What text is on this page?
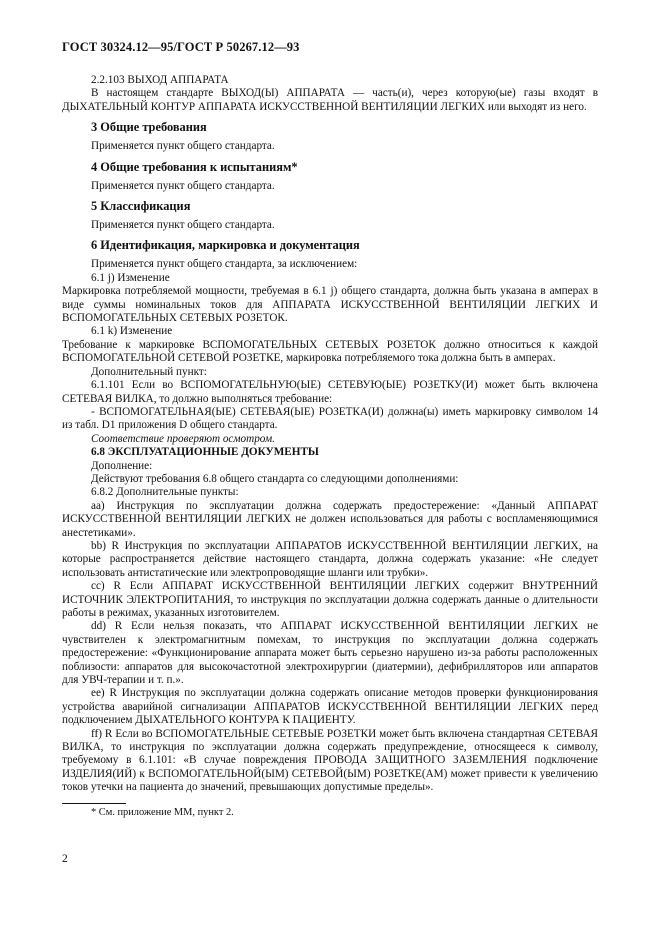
ГОСТ 30324.12—95/ГОСТ Р 50267.12—93

2.2.103 ВЫХОД АППАРАТА

В настоящем стандарте ВЫХОД(Ы) АППАРАТА — часть(и), через которую(ые) газы входят в ДЫХАТЕЛЬНЫЙ КОНТУР АППАРАТА ИСКУССТВЕННОЙ ВЕНТИЛЯЦИИ ЛЕГКИХ или выходят из него.

3 Общие требования

Применяется пункт общего стандарта.

4 Общие требования к испытаниям*

Применяется пункт общего стандарта.

5 Классификация

Применяется пункт общего стандарта.

6 Идентификация, маркировка и документация

Применяется пункт общего стандарта, за исключением:

6.1 j) Изменение

Маркировка потребляемой мощности, требуемая в 6.1 j) общего стандарта, должна быть указана в амперах в виде суммы номинальных токов для АППАРАТА ИСКУССТВЕННОЙ ВЕНТИЛЯЦИИ ЛЕГКИХ И ВСПОМОГАТЕЛЬНЫХ СЕТЕВЫХ РОЗЕТОК.

6.1 k) Изменение

Требование к маркировке ВСПОМОГАТЕЛЬНЫХ СЕТЕВЫХ РОЗЕТОК должно относиться к каждой ВСПОМОГАТЕЛЬНОЙ СЕТЕВОЙ РОЗЕТКЕ, маркировка потребляемого тока должна быть в амперах.

Дополнительный пункт:

6.1.101 Если во ВСПОМОГАТЕЛЬНУЮ(ЫЕ) СЕТЕВУЮ(ЫЕ) РОЗЕТКУ(И) может быть включена СЕТЕВАЯ ВИЛКА, то должно выполняться требование:

- ВСПОМОГАТЕЛЬНАЯ(ЫЕ) СЕТЕВАЯ(ЫЕ) РОЗЕТКА(И) должна(ы) иметь маркировку символом 14 из табл. D1 приложения D общего стандарта.

Соответствие проверяют осмотром.

6.8 ЭКСПЛУАТАЦИОННЫЕ ДОКУМЕНТЫ

Дополнение:

Действуют требования 6.8 общего стандарта со следующими дополнениями:

6.8.2 Дополнительные пункты:

аа) Инструкция по эксплуатации должна содержать предостережение: «Данный АППАРАТ ИСКУССТВЕННОЙ ВЕНТИЛЯЦИИ ЛЕГКИХ не должен использоваться для работы с воспламеняющимися анестетиками».

bb) R Инструкция по эксплуатации АППАРАТОВ ИСКУССТВЕННОЙ ВЕНТИЛЯЦИИ ЛЕГКИХ, на которые распространяется действие настоящего стандарта, должна содержать указание: «Не следует использовать антистатические или электропроводящие шланги или трубки».

cc) R Если АППАРАТ ИСКУССТВЕННОЙ ВЕНТИЛЯЦИИ ЛЕГКИХ содержит ВНУТРЕННИЙ ИСТОЧНИК ЭЛЕКТРОПИТАНИЯ, то инструкция по эксплуатации должна содержать данные о длительности работы в режимах, указанных изготовителем.

dd) R Если нельзя показать, что АППАРАТ ИСКУССТВЕННОЙ ВЕНТИЛЯЦИИ ЛЕГКИХ не чувствителен к электромагнитным помехам, то инструкция по эксплуатации должна содержать предостережение: «Функционирование аппарата может быть серьезно нарушено из-за работы расположенных поблизости: аппаратов для высокочастотной электрохирургии (диатермии), дефибрилляторов или аппаратов для УВЧ-терапии и т. п.».

ee) R Инструкция по эксплуатации должна содержать описание методов проверки функционирования устройства аварийной сигнализации АППАРАТОВ ИСКУССТВЕННОЙ ВЕНТИЛЯЦИИ ЛЕГКИХ перед подключением ДЫХАТЕЛЬНОГО КОНТУРА К ПАЦИЕНТУ.

ff) R Если во ВСПОМОГАТЕЛЬНЫЕ СЕТЕВЫЕ РОЗЕТКИ может быть включена стандартная СЕТЕВАЯ ВИЛКА, то инструкция по эксплуатации должна содержать предупреждение, относящееся к символу, требуемому в 6.1.101: «В случае повреждения ПРОВОДА ЗАЩИТНОГО ЗАЗЕМЛЕНИЯ подключение ИЗДЕЛИЯ(ИЙ) к ВСПОМОГАТЕЛЬНОЙ(ЫМ) СЕТЕВОЙ(ЫМ) РОЗЕТКЕ(АМ) может привести к увеличению токов утечки на пациента до значений, превышающих допустимые пределы».

* См. приложение ММ, пункт 2.
2
